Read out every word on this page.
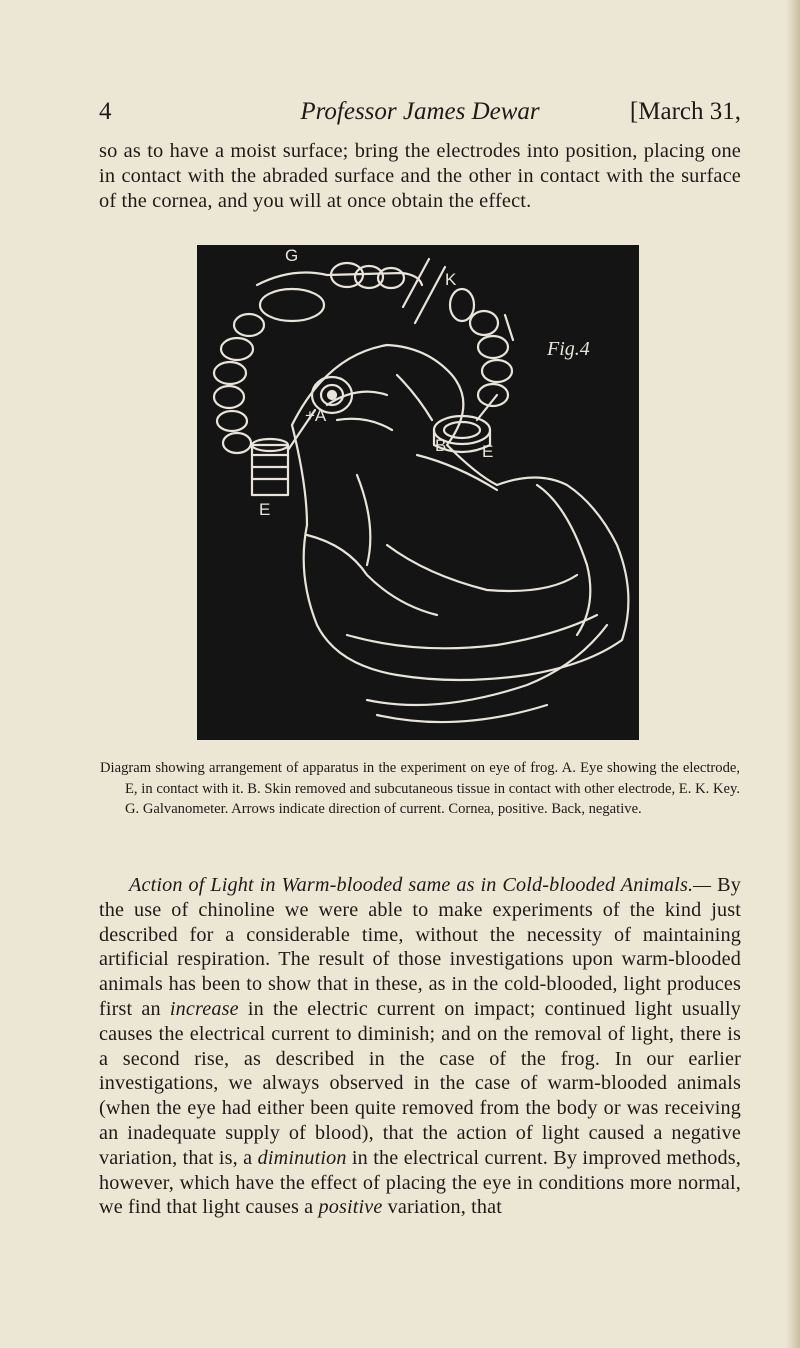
4	Professor James Dewar	[March 31,

so as to have a moist surface; bring the electrodes into position, placing one in contact with the abraded surface and the other in contact with the surface of the cornea, and you will at once obtain the effect.

G
K
Fig.4
+A
B E
E
Diagram showing arrangement of apparatus in the experiment on eye of frog. A. Eye showing the electrode, E, in contact with it. B. Skin removed and subcutaneous tissue in contact with other electrode, E. K. Key. G. Galvanometer. Arrows indicate direction of current. Cornea, positive. Back, negative.

Action of Light in Warm-blooded same as in Cold-blooded Animals.— By the use of chinoline we were able to make experiments of the kind just described for a considerable time, without the necessity of maintaining artificial respiration. The result of those investigations upon warm-blooded animals has been to show that in these, as in the cold-blooded, light produces first an increase in the electric current on impact; continued light usually causes the electrical current to diminish; and on the removal of light, there is a second rise, as described in the case of the frog. In our earlier investigations, we always observed in the case of warm-blooded animals (when the eye had either been quite removed from the body or was receiving an inadequate supply of blood), that the action of light caused a negative variation, that is, a diminution in the electrical current. By improved methods, however, which have the effect of placing the eye in conditions more normal, we find that light causes a positive variation, that
